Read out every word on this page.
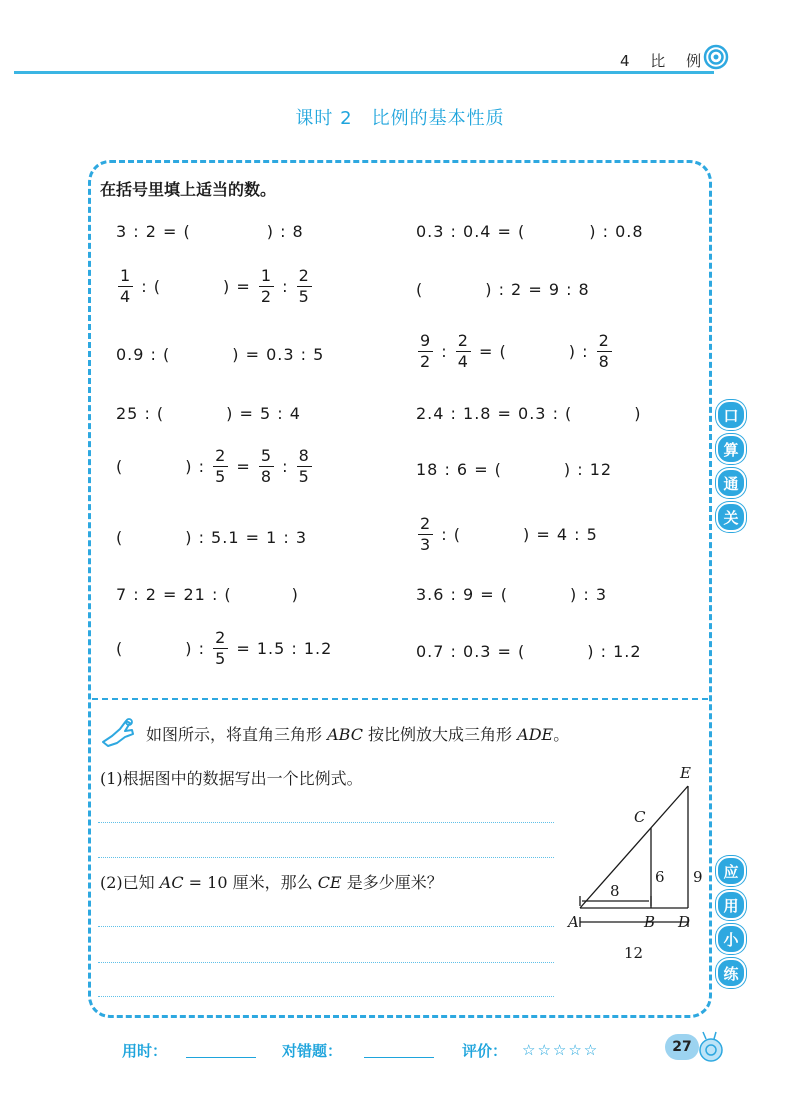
4 比 例
课时 2　比例的基本性质
在括号里填上适当的数。
3 : 2 = (	) : 8	0.3 : 0.4 = (	) : 0.8
$\frac{1}{4}$ : (	) = $\frac{1}{2}$ : $\frac{2}{5}$	(	) : 2 = 9 : 8
0.9 : (	) = 0.3 : 5	$\frac{9}{2}$ : $\frac{2}{4}$ = (	) : $\frac{2}{8}$
25 : (	) = 5 : 4	2.4 : 1.8 = 0.3 : (	)
(	) : $\frac{2}{5} = \frac{5}{8}$ : $\frac{8}{5}$	18 : 6 = (	) : 12
(	) : 5.1 = 1 : 3	$\frac{2}{3}$ : (	) = 4 : 5
7 : 2 = 21 : (	)	3.6 : 9 = (	) : 3
(	) : $\frac{2}{5} = 1.5$ : 1.2	0.7 : 0.3 = (	) : 1.2
口
算
通
关
应
用
小
练
如图所示，将直角三角形 ABC 按比例放大成三角形 ADE。
(1)根据图中的数据写出一个比例式。
(2)已知 AC = 10 厘米，那么 CE 是多少厘米？
A	B
C
D
E
8
6 9
12
用时：	对错题：	评价： ☆☆☆☆☆	27
